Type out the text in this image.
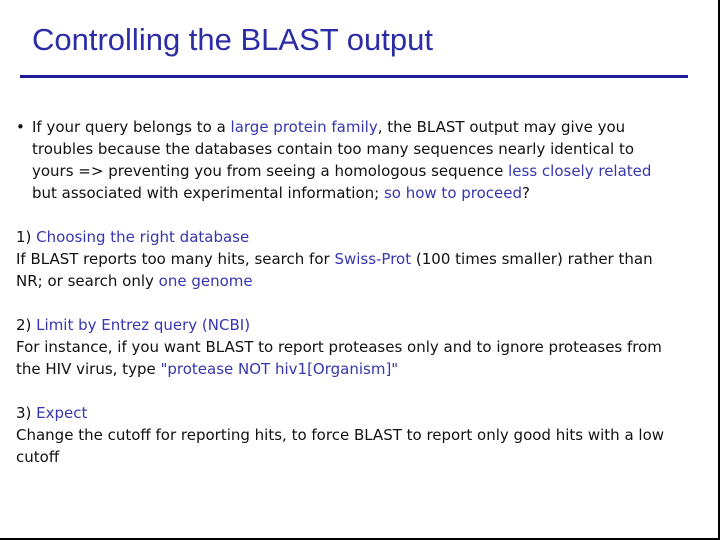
Controlling the BLAST output

• If your query belongs to a large protein family, the BLAST output may give you troubles because the databases contain too many sequences nearly identical to yours => preventing you from seeing a homologous sequence less closely related but associated with experimental information; so how to proceed?

1) Choosing the right database

If BLAST reports too many hits, search for Swiss-Prot (100 times smaller) rather than NR; or search only one genome

2) Limit by Entrez query (NCBI)

For instance, if you want BLAST to report proteases only and to ignore proteases from the HIV virus, type "protease NOT hiv1[Organism]"

3) Expect

Change the cutoff for reporting hits, to force BLAST to report only good hits with a low cutoff
